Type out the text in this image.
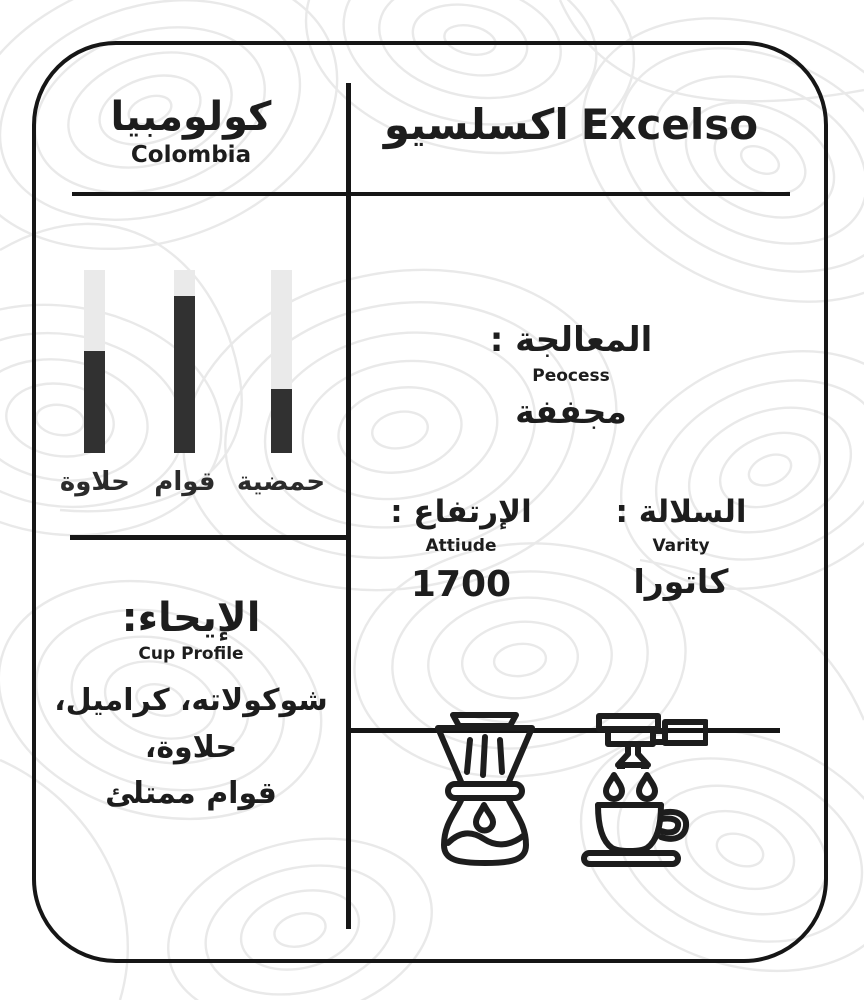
كولومبيا
Colombia
حمضية
قوام
حلاوة
الإيحاء:
Cup Profile
شوكولاته، كراميل،
حلاوة،
قوام ممتلئ
اكسلسيو Excelso
المعالجة :
Peocess
مجففة
السلالة :
Varity
كاتورا
الإرتفاع :
Attiude
1700
